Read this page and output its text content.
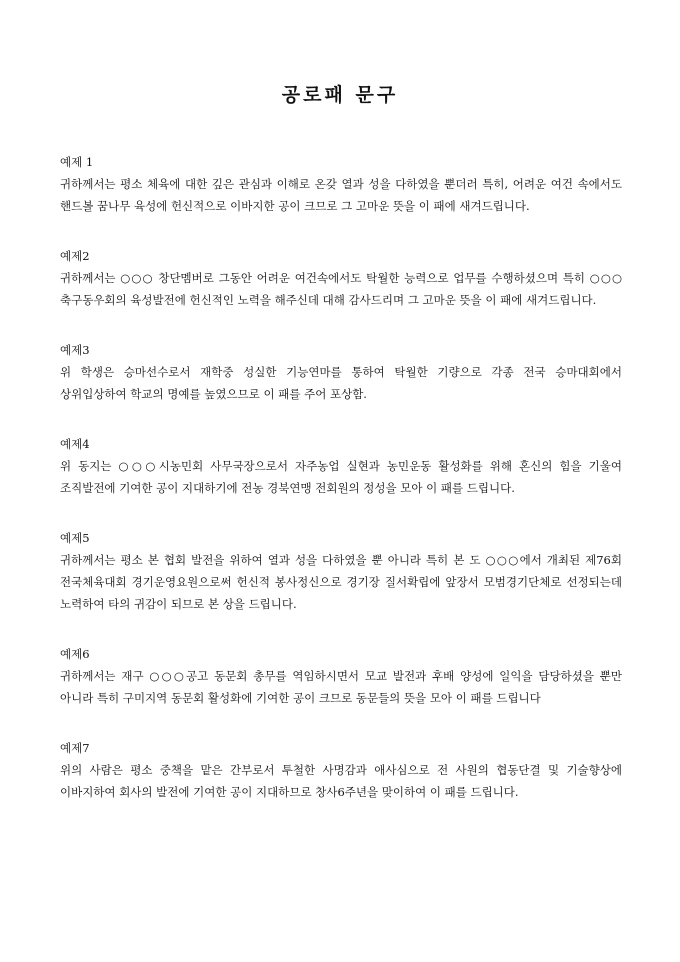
공로패 문구
예제 1

귀하께서는 평소 체육에 대한 깊은 관심과 이해로 온갖 열과 성을 다하였을 뿐더러 특히, 어려운 여건 속에서도 핸드볼 꿈나무 육성에 헌신적으로 이바지한 공이 크므로 그 고마운 뜻을 이 패에 새겨드립니다.

예제2

귀하께서는 ○○○ 창단멤버로 그동안 어려운 여건속에서도 탁월한 능력으로 업무를 수행하셨으며 특히 ○○○축구동우회의 육성발전에 헌신적인 노력을 해주신데 대해 감사드리며 그 고마운 뜻을 이 패에 새겨드립니다.

예제3

위 학생은 승마선수로서 재학중 성실한 기능연마를 통하여 탁월한 기량으로 각종 전국 승마대회에서 상위입상하여 학교의 명예를 높였으므로 이 패를 주어 포상함.

예제4

위 동지는 ○○○시농민회 사무국장으로서 자주농업 실현과 농민운동 활성화를 위해 혼신의 힘을 기울여 조직발전에 기여한 공이 지대하기에 전농 경북연맹 전회원의 정성을 모아 이 패를 드립니다.

예제5

귀하께서는 평소 본 협회 발전을 위하여 열과 성을 다하였을 뿐 아니라 특히 본 도 ○○○에서 개최된 제76회 전국체육대회 경기운영요원으로써 헌신적 봉사정신으로 경기장 질서확립에 앞장서 모범경기단체로 선정되는데 노력하여 타의 귀감이 되므로 본 상을 드립니다.

예제6

귀하께서는 재구 ○○○공고 동문회 총무를 역임하시면서 모교 발전과 후배 양성에 일익을 담당하셨을 뿐만 아니라 특히 구미지역 동문회 활성화에 기여한 공이 크므로 동문들의 뜻을 모아 이 패를 드립니다

예제7

위의 사람은 평소 중책을 맡은 간부로서 투철한 사명감과 애사심으로 전 사원의 협동단결 및 기술향상에 이바지하여 회사의 발전에 기여한 공이 지대하므로 창사6주년을 맞이하여 이 패를 드립니다.
